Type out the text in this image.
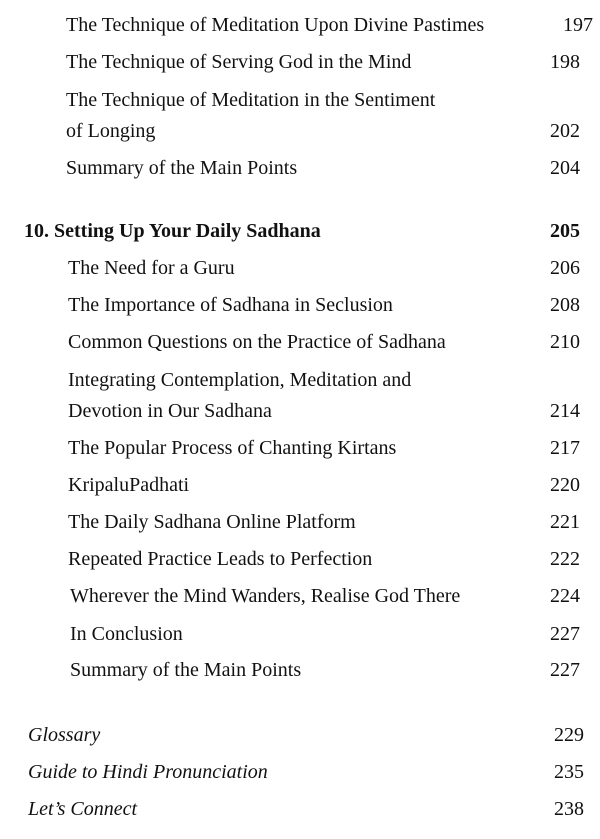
The Technique of Meditation Upon Divine Pastimes	197
The Technique of Serving God in the Mind	198
The Technique of Meditation in the Sentiment
of Longing	202
Summary of the Main Points	204
10. Setting Up Your Daily Sadhana	205
The Need for a Guru	206
The Importance of Sadhana in Seclusion	208
Common Questions on the Practice of Sadhana	210
Integrating Contemplation, Meditation and
Devotion in Our Sadhana	214
The Popular Process of Chanting Kirtans	217
KripaluPadhati	220
The Daily Sadhana Online Platform	221
Repeated Practice Leads to Perfection	222
Wherever the Mind Wanders, Realise God There	224
In Conclusion	227
Summary of the Main Points	227
Glossary	229
Guide to Hindi Pronunciation	235
Let’s Connect	238
